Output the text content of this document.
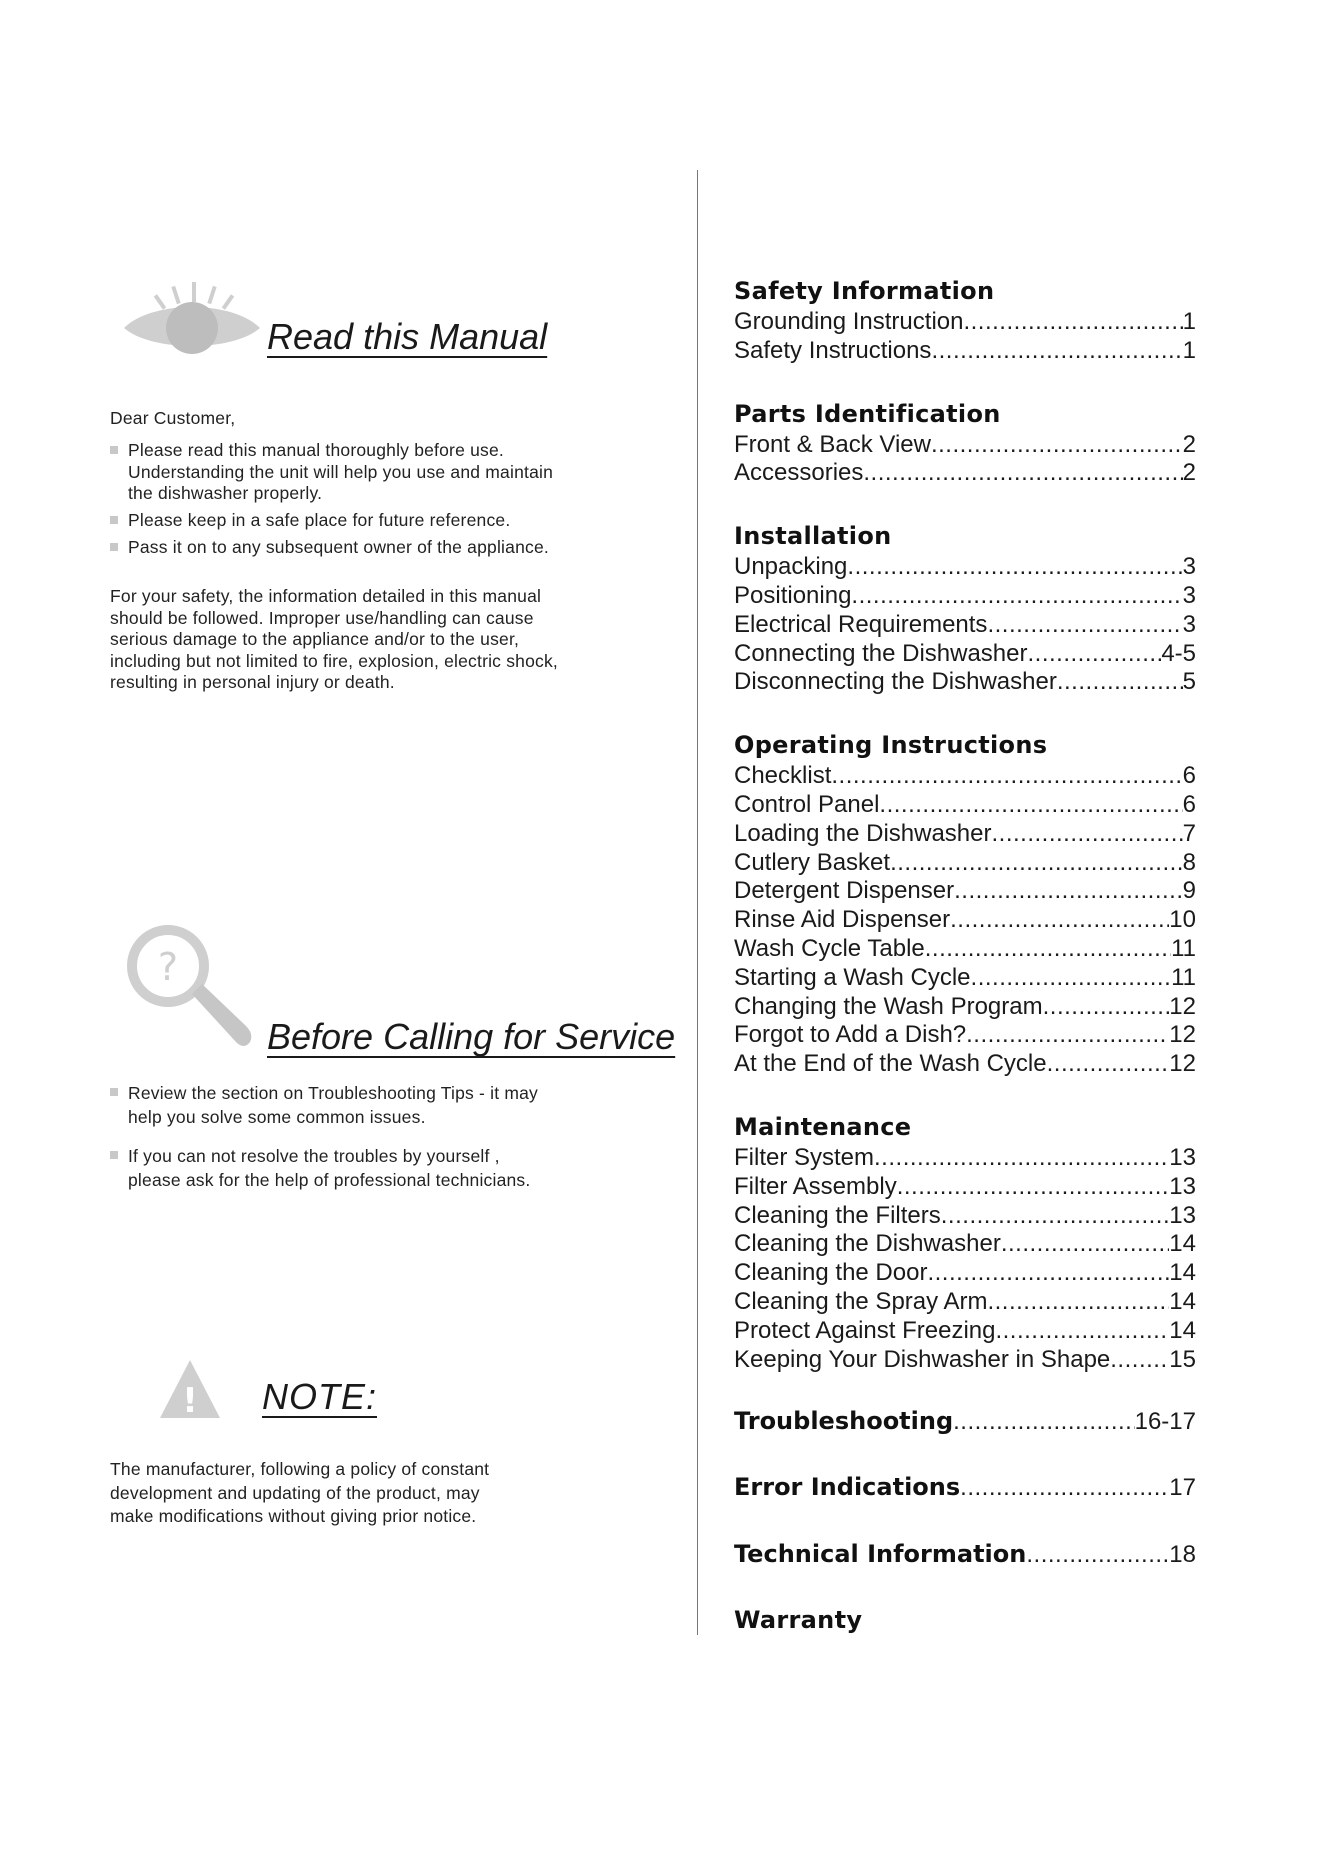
Read this Manual
Dear Customer,
Please read this manual thoroughly before use.
Understanding the unit will help you use and maintain
the dishwasher properly.
Please keep in a safe place for future reference.
Pass it on to any subsequent owner of the appliance.
For your safety, the information detailed in this manual
should be followed. Improper use/handling can cause
serious damage to the appliance and/or to the user,
including but not limited to fire, explosion, electric shock,
resulting in personal injury or death.
?
Before Calling for Service
Review the section on Troubleshooting Tips - it may
help you solve some common issues.
If you can not resolve the troubles by yourself ,
please ask for the help of professional technicians.
! NOTE:
The manufacturer, following a policy of constant
development and updating of the product, may
make modifications without giving prior notice.
Safety Information
Grounding Instruction .....	1
Safety Instructions .....	1
Parts Identification
Front & Back View .....	2
Accessories .....	2
Installation
Unpacking .....	3
Positioning .....	3
Electrical Requirements .....	3
Connecting the Dishwasher .....	4-5
Disconnecting the Dishwasher .....	5
Operating Instructions
Checklist .....	6
Control Panel .....	6
Loading the Dishwasher .....	7
Cutlery Basket .....	8
Detergent Dispenser .....	9
Rinse Aid Dispenser .....	10
Wash Cycle Table .....	11
Starting a Wash Cycle .....	11
Changing the Wash Program .....	12
Forgot to Add a Dish? .....	12
At the End of the Wash Cycle .....	12
Maintenance
Filter System .....	13
Filter Assembly .....	13
Cleaning the Filters .....	13
Cleaning the Dishwasher .....	14
Cleaning the Door .....	14
Cleaning the Spray Arm .....	14
Protect Against Freezing .....	14
Keeping Your Dishwasher in Shape ..... 15
Troubleshooting .....	16-17
Error Indications .....	17
Technical Information .....	18
Warranty
